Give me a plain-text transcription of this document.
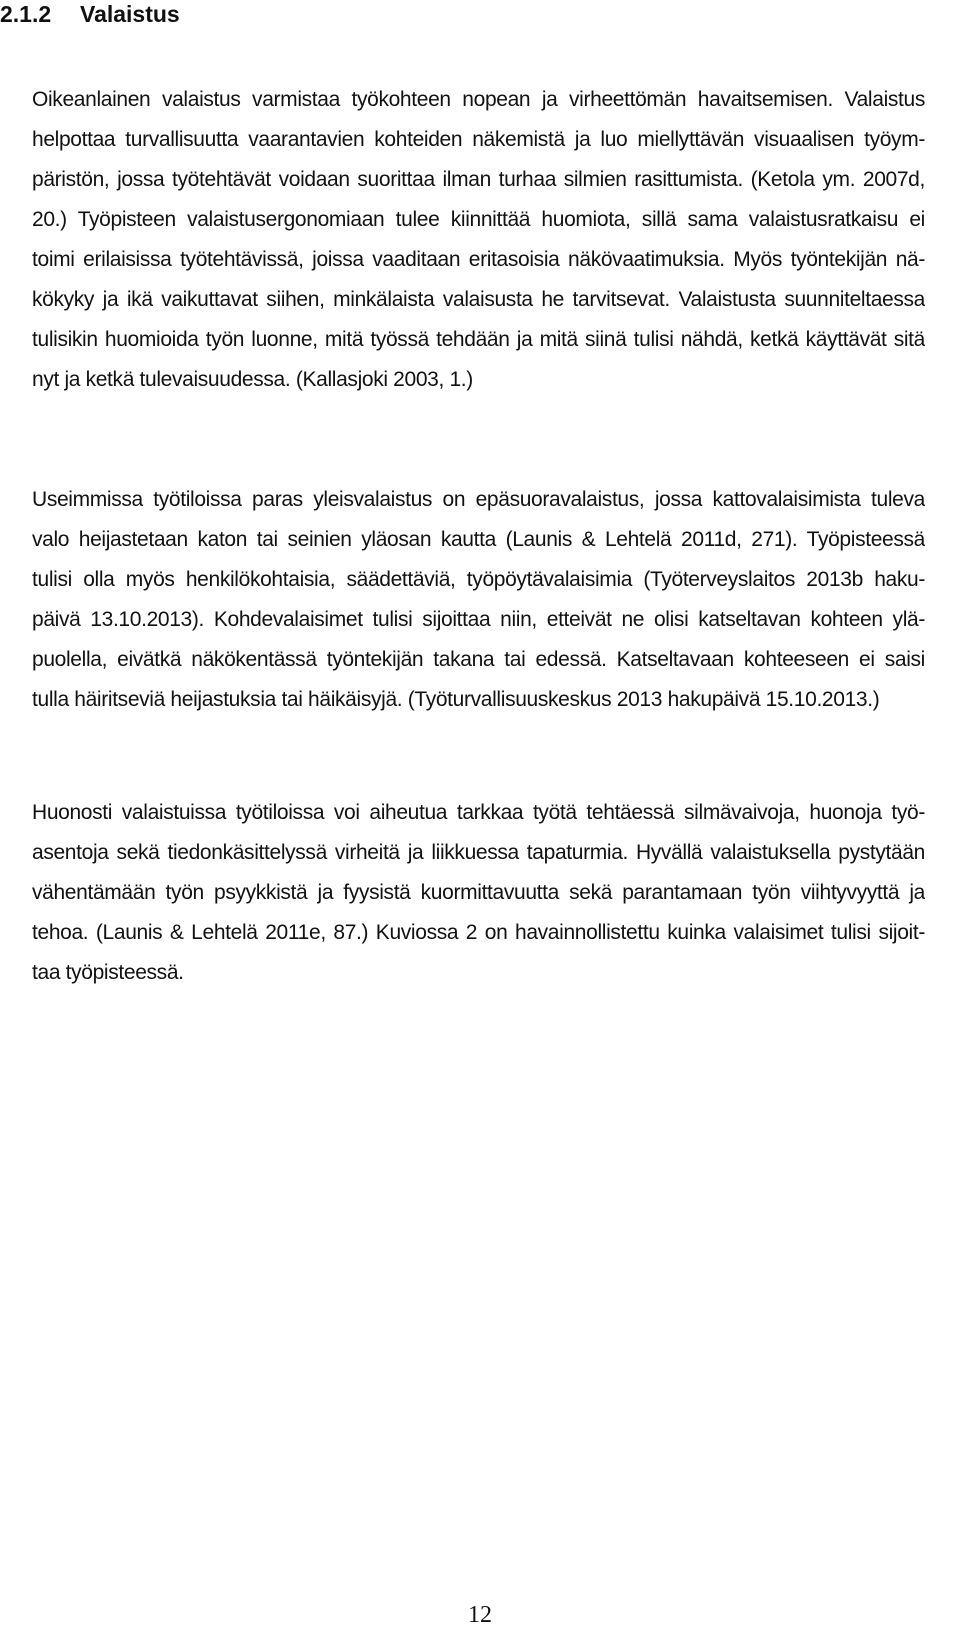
2.1.2 Valaistus
Oikeanlainen valaistus varmistaa työkohteen nopean ja virheettömän havaitsemisen. Valaistus
helpottaa turvallisuutta vaarantavien kohteiden näkemistä ja luo miellyttävän visuaalisen työym-
päristön, jossa työtehtävät voidaan suorittaa ilman turhaa silmien rasittumista. (Ketola ym. 2007d,
20.) Työpisteen valaistusergonomiaan tulee kiinnittää huomiota, sillä sama valaistusratkaisu ei
toimi erilaisissa työtehtävissä, joissa vaaditaan eritasoisia näkövaatimuksia. Myös työntekijän nä-
kökyky ja ikä vaikuttavat siihen, minkälaista valaisusta he tarvitsevat. Valaistusta suunniteltaessa
tulisikin huomioida työn luonne, mitä työssä tehdään ja mitä siinä tulisi nähdä, ketkä käyttävät sitä
nyt ja ketkä tulevaisuudessa. (Kallasjoki 2003, 1.)
Useimmissa työtiloissa paras yleisvalaistus on epäsuoravalaistus, jossa kattovalaisimista tuleva
valo heijastetaan katon tai seinien yläosan kautta (Launis & Lehtelä 2011d, 271). Työpisteessä
tulisi olla myös henkilökohtaisia, säädettäviä, työpöytävalaisimia (Työterveyslaitos 2013b haku-
päivä 13.10.2013). Kohdevalaisimet tulisi sijoittaa niin, etteivät ne olisi katseltavan kohteen ylä-
puolella, eivätkä näkökentässä työntekijän takana tai edessä. Katseltavaan kohteeseen ei saisi
tulla häiritseviä heijastuksia tai häikäisyjä. (Työturvallisuuskeskus 2013 hakupäivä 15.10.2013.)
Huonosti valaistuissa työtiloissa voi aiheutua tarkkaa työtä tehtäessä silmävaivoja, huonoja työ-
asentoja sekä tiedonkäsittelyssä virheitä ja liikkuessa tapaturmia. Hyvällä valaistuksella pystytään
vähentämään työn psyykkistä ja fyysistä kuormittavuutta sekä parantamaan työn viihtyvyyttä ja
tehoa. (Launis & Lehtelä 2011e, 87.) Kuviossa 2 on havainnollistettu kuinka valaisimet tulisi sijoit-
taa työpisteessä.
12
